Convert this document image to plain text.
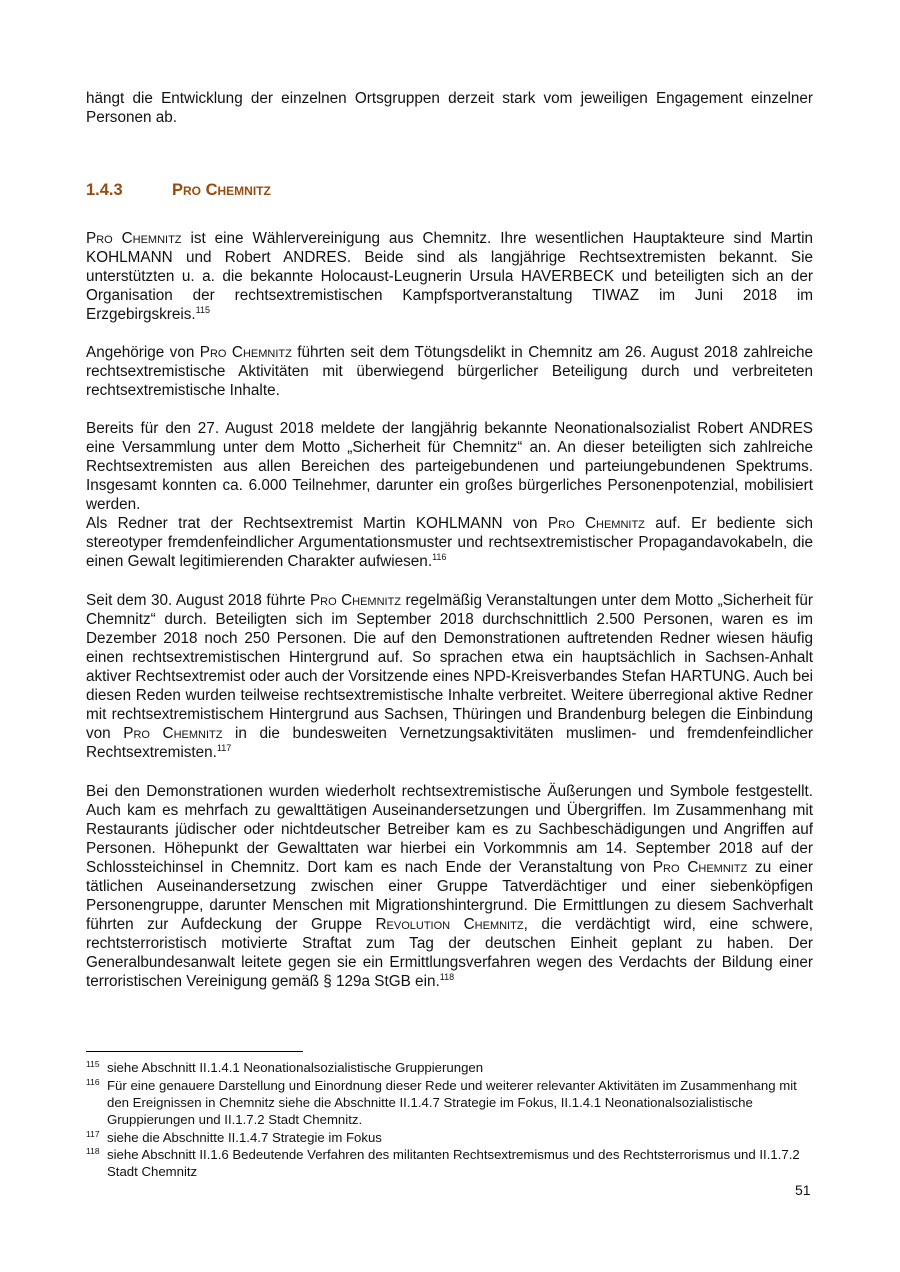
hängt die Entwicklung der einzelnen Ortsgruppen derzeit stark vom jeweiligen Engagement einzelner Personen ab.

1.4.3	Pro Chemnitz

Pro Chemnitz ist eine Wählervereinigung aus Chemnitz. Ihre wesentlichen Hauptakteure sind Martin KOHLMANN und Robert ANDRES. Beide sind als langjährige Rechtsextremisten bekannt. Sie unterstützten u. a. die bekannte Holocaust-Leugnerin Ursula HAVERBECK und beteiligten sich an der Organisation der rechtsextremistischen Kampfsportveranstaltung TIWAZ im Juni 2018 im Erzgebirgskreis.$^{115}$

Angehörige von Pro Chemnitz führten seit dem Tötungsdelikt in Chemnitz am 26. August 2018 zahlreiche rechtsextremistische Aktivitäten mit überwiegend bürgerlicher Beteiligung durch und verbreiteten rechtsextremistische Inhalte.

Bereits für den 27. August 2018 meldete der langjährig bekannte Neonationalsozialist Robert ANDRES eine Versammlung unter dem Motto „Sicherheit für Chemnitz“ an. An dieser beteiligten sich zahlreiche Rechtsextremisten aus allen Bereichen des parteigebundenen und parteiungebundenen Spektrums. Insgesamt konnten ca. 6.000 Teilnehmer, darunter ein großes bürgerliches Personenpotenzial, mobilisiert werden.
Als Redner trat der Rechtsextremist Martin KOHLMANN von Pro Chemnitz auf. Er bediente sich stereotyper fremdenfeindlicher Argumentationsmuster und rechtsextremistischer Propagandavokabeln, die einen Gewalt legitimierenden Charakter aufwiesen.$^{116}$

Seit dem 30. August 2018 führte Pro Chemnitz regelmäßig Veranstaltungen unter dem Motto „Sicherheit für Chemnitz“ durch. Beteiligten sich im September 2018 durchschnittlich 2.500 Personen, waren es im Dezember 2018 noch 250 Personen. Die auf den Demonstrationen auftretenden Redner wiesen häufig einen rechtsextremistischen Hintergrund auf. So sprachen etwa ein hauptsächlich in Sachsen-Anhalt aktiver Rechtsextremist oder auch der Vorsitzende eines NPD-Kreisverbandes Stefan HARTUNG. Auch bei diesen Reden wurden teilweise rechtsextremistische Inhalte verbreitet. Weitere überregional aktive Redner mit rechtsextremistischem Hintergrund aus Sachsen, Thüringen und Brandenburg belegen die Einbindung von Pro Chemnitz in die bundesweiten Vernetzungsaktivitäten muslimen- und fremdenfeindlicher Rechtsextremisten.$^{117}$

Bei den Demonstrationen wurden wiederholt rechtsextremistische Äußerungen und Symbole festgestellt. Auch kam es mehrfach zu gewalttätigen Auseinandersetzungen und Übergriffen. Im Zusammenhang mit Restaurants jüdischer oder nichtdeutscher Betreiber kam es zu Sachbeschädigungen und Angriffen auf Personen. Höhepunkt der Gewalttaten war hierbei ein Vorkommnis am 14. September 2018 auf der Schlossteichinsel in Chemnitz. Dort kam es nach Ende der Veranstaltung von Pro Chemnitz zu einer tätlichen Auseinandersetzung zwischen einer Gruppe Tatverdächtiger und einer siebenköpfigen Personengruppe, darunter Menschen mit Migrationshintergrund. Die Ermittlungen zu diesem Sachverhalt führten zur Aufdeckung der Gruppe Revolution Chemnitz, die verdächtigt wird, eine schwere, rechtsterroristisch motivierte Straftat zum Tag der deutschen Einheit geplant zu haben. Der Generalbundesanwalt leitete gegen sie ein Ermittlungsverfahren wegen des Verdachts der Bildung einer terroristischen Vereinigung gemäß § 129a StGB ein.$^{118}$

115 siehe Abschnitt II.1.4.1 Neonationalsozialistische Gruppierungen
116 Für eine genauere Darstellung und Einordnung dieser Rede und weiterer relevanter Aktivitäten im Zusammenhang mit den Ereignissen in Chemnitz siehe die Abschnitte II.1.4.7 Strategie im Fokus, II.1.4.1 Neonationalsozialistische Gruppierungen und II.1.7.2 Stadt Chemnitz.
117 siehe die Abschnitte II.1.4.7 Strategie im Fokus
118 siehe Abschnitt II.1.6 Bedeutende Verfahren des militanten Rechtsextremismus und des Rechtsterrorismus und II.1.7.2 Stadt Chemnitz
51
